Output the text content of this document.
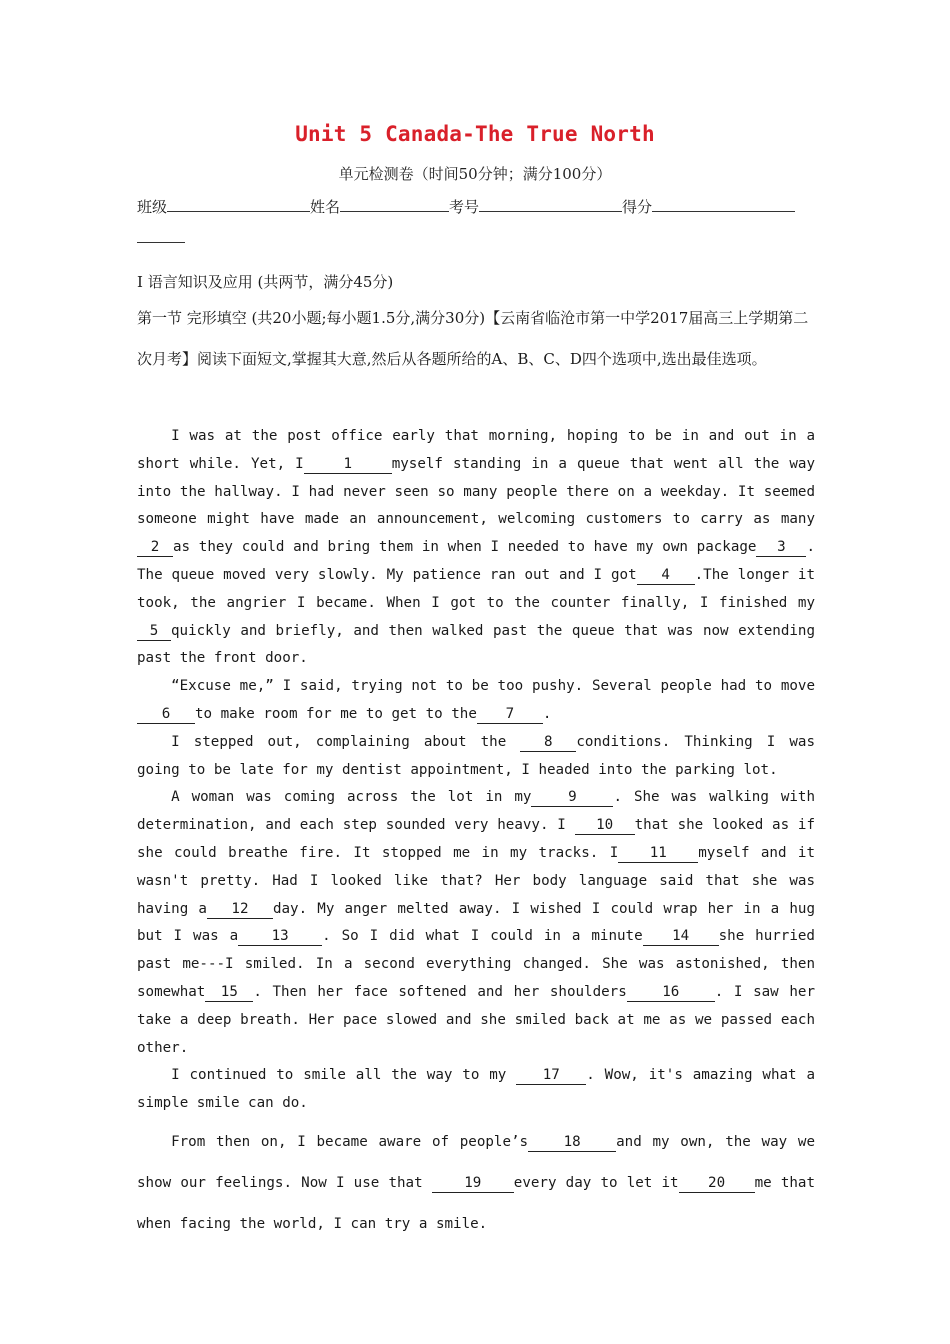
Unit 5 Canada-The True North
单元检测卷（时间50分钟；满分100分）
班级	姓名	考号	得分
I 语言知识及应用 (共两节，满分45分)
第一节 完形填空 (共20小题;每小题1.5分,满分30分)【云南省临沧市第一中学2017届高三上学期第二次月考】阅读下面短文,掌握其大意,然后从各题所给的A、B、C、D四个选项中,选出最佳选项。

I was at the post office early that morning, hoping to be in and out in a short while. Yet, I	1	myself standing in a queue that went all the way into the hallway. I had never seen so many people there on a weekday. It seemed someone might have made an announcement, welcoming customers to carry as many 2 as they could and bring them in when I needed to have my own package 3 . The queue moved very slowly. My patience ran out and I got 4 .The longer it took, the angrier I became. When I got to the counter finally, I finished my 5 quickly and briefly, and then walked past the queue that was now extending past the front door.

“Excuse me,” I said, trying not to be too pushy. Several people had to move6 to make room for me to get to the 7 .

I stepped out, complaining about the	8 conditions. Thinking I was going to be late for my dentist appointment, I headed into the parking lot.

A woman was coming across the lot in my	9	. She was walking with determination, and each step sounded very heavy. I 10 that she looked as if she could breathe fire. It stopped me in my tracks. I 11 myself and it wasn't pretty. Had I looked like that? Her body language said that she was having a 12 day. My anger melted away. I wished I could wrap her in a hug but I was a 13 . So I did what I could in a minute 14 she hurried past me---I smiled. In a second everything changed. She was astonished, then somewhat 15 . Then her face softened and her shoulders 16 . I saw her take a deep breath. Her pace slowed and she smiled back at me as we passed each other.

I continued to smile all the way to my	17 . Wow, it's amazing what a simple smile can do.

From then on, I became aware of people’s 18 and my own, the way we show our feelings. Now I use that	19 every day to let it 20 me that when facing the world, I can try a smile.
